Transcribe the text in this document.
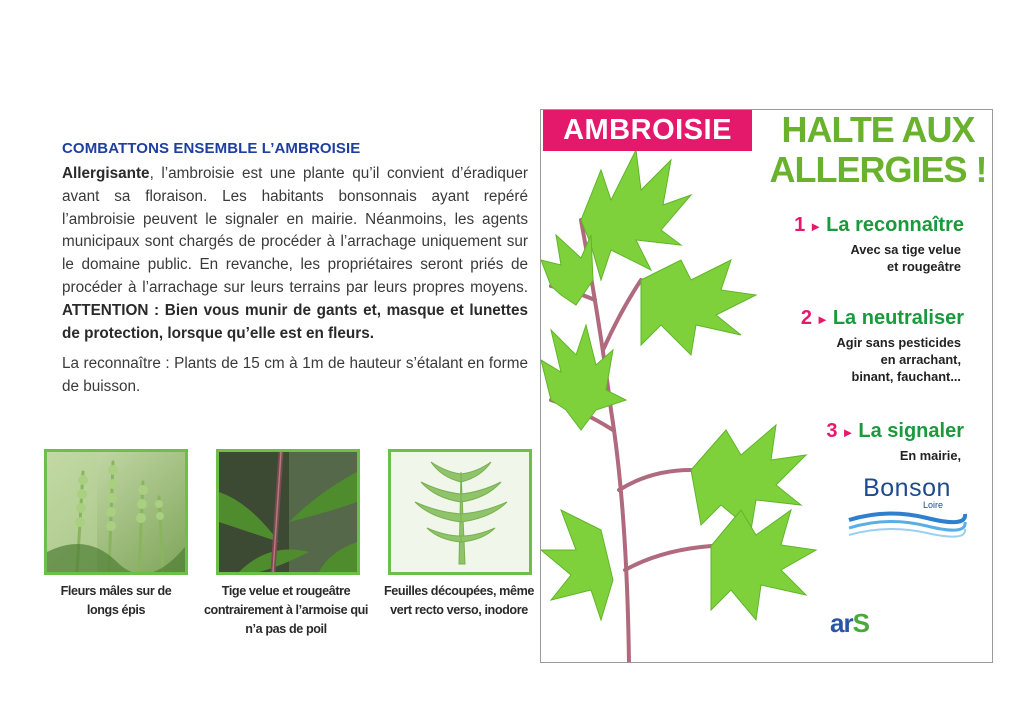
COMBATTONS ENSEMBLE L’AMBROISIE

Allergisante, l’ambroisie est une plante qu’il convient d’éradiquer avant sa floraison. Les habitants bonsonnais ayant repéré l’ambroisie peuvent le signaler en mairie. Néanmoins, les agents municipaux sont chargés de procéder à l’arrachage uniquement sur le domaine public. En revanche, les propriétaires seront priés de procéder à l’arrachage sur leurs terrains par leurs propres moyens. ATTENTION : Bien vous munir de gants et, masque et lunettes de protection, lorsque qu’elle est en fleurs.

La reconnaître : Plants de 15 cm à 1m de hauteur s’étalant en forme de buisson.

Fleurs mâles sur de longs épis
Tige velue et rougeâtre contrairement à l’armoise qui n’a pas de poil
Feuilles découpées, même vert recto verso, inodore
AMBROISIE	HALTE AUX
ALLERGIES !
1 ► La reconnaître
Avec sa tige velue
et rougeâtre
2 ► La neutraliser
Agir sans pesticides
en arrachant,
binant, fauchant...
3 ► La signaler
En mairie,
Bonson
Loire
arS
